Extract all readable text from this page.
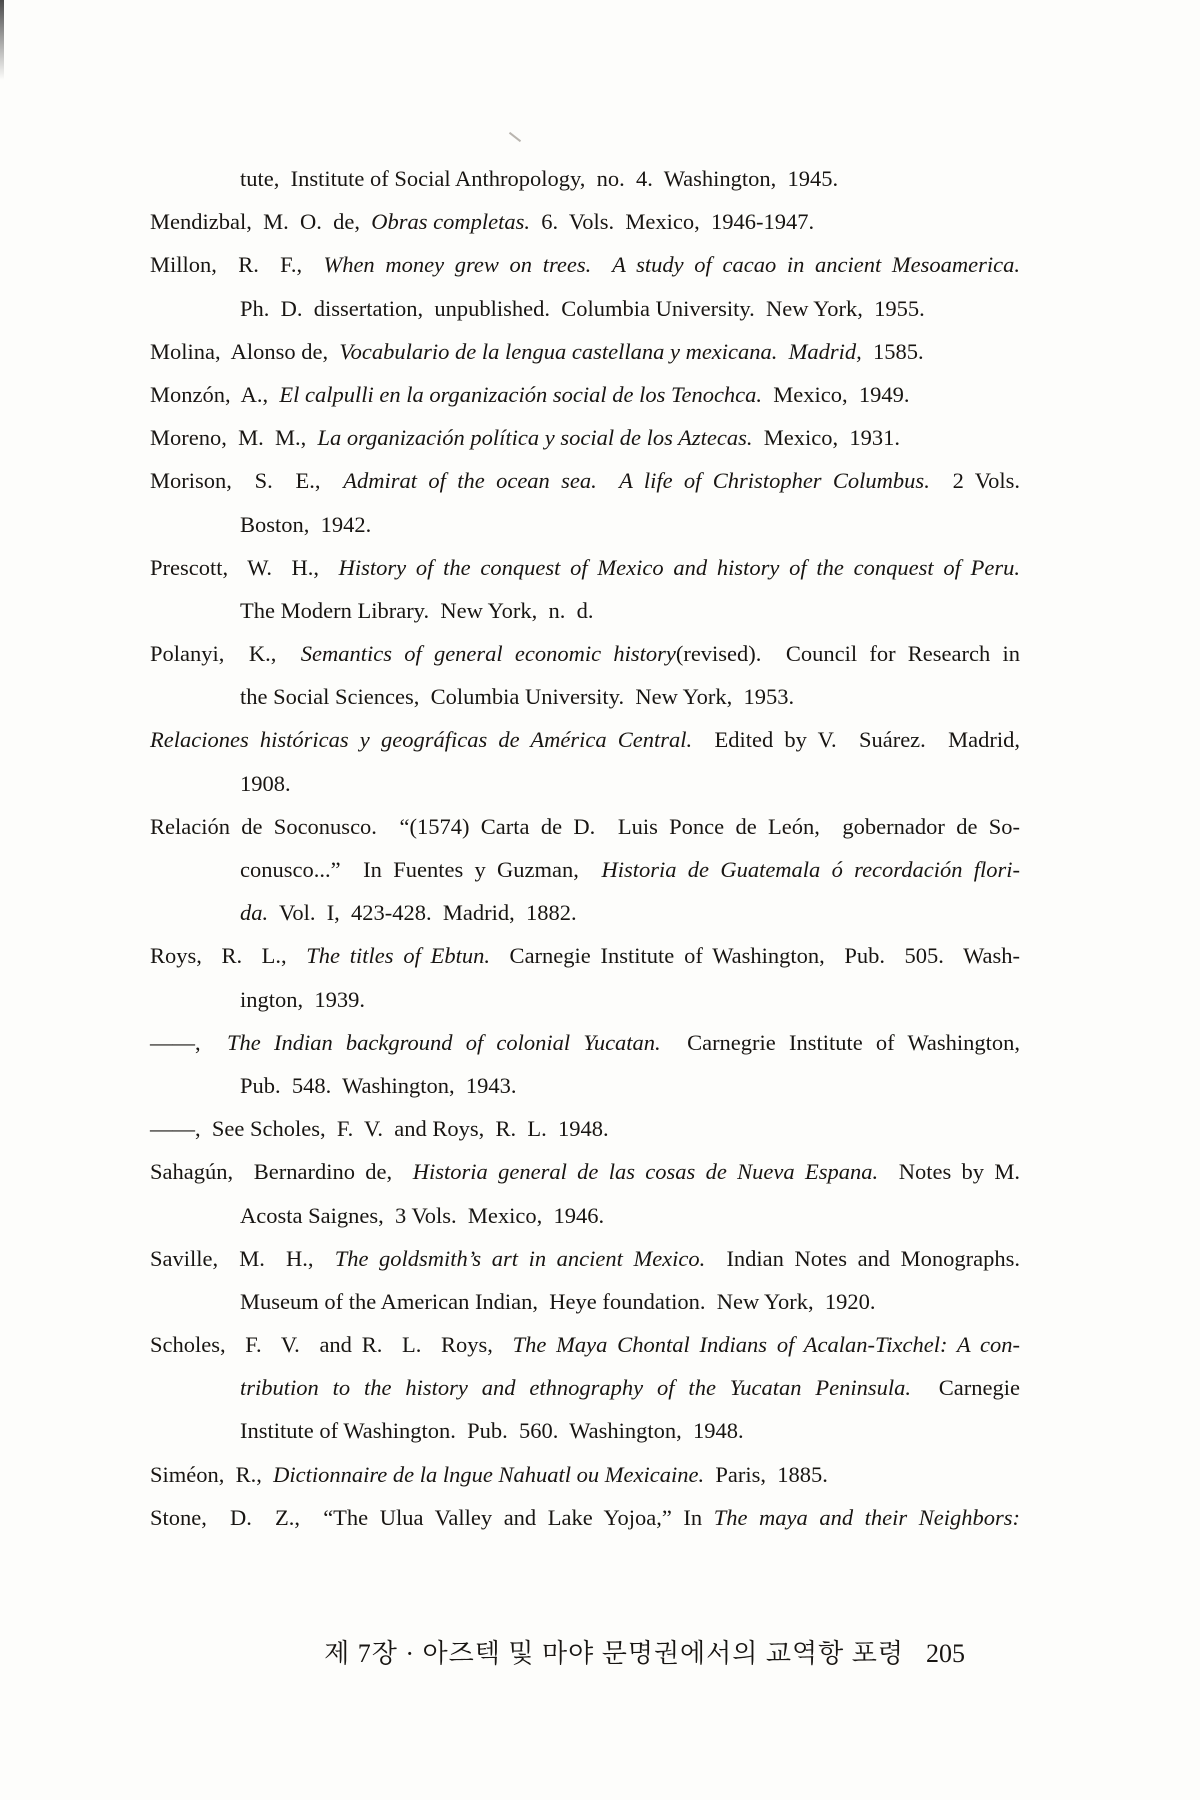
tute,  Institute of Social Anthropology,  no.  4.  Washington,  1945.
Mendizbal,  M.  O.  de,  Obras completas.  6.  Vols.  Mexico,  1946-1947.
Millon,  R.  F.,  When money grew on trees.  A study of cacao in ancient Mesoamerica.
Ph.  D.  dissertation,  unpublished.  Columbia University.  New York,  1955.
Molina,  Alonso de,  Vocabulario de la lengua castellana y mexicana.  Madrid,  1585.
Monzón,  A.,  El calpulli en la organización social de los Tenochca.  Mexico,  1949.
Moreno,  M.  M.,  La organización política y social de los Aztecas.  Mexico,  1931.
Morison,  S.  E.,  Admirat of the ocean sea.  A life of Christopher Columbus.  2 Vols.
Boston,  1942.
Prescott,  W.  H.,  History of the conquest of Mexico and history of the conquest of Peru.
The Modern Library.  New York,  n.  d.
Polanyi,  K.,  Semantics of general economic history(revised).  Council for Research in
the Social Sciences,  Columbia University.  New York,  1953.
Relaciones históricas y geográficas de América Central.  Edited by V.  Suárez.  Madrid,
1908.
Relación de Soconusco.  “(1574) Carta de D.  Luis Ponce de León,  gobernador de So-
conusco...”  In Fuentes y Guzman,  Historia de Guatemala ó recordación flori-
da.  Vol.  I,  423-428.  Madrid,  1882.
Roys,  R.  L.,  The titles of Ebtun.  Carnegie Institute of Washington,  Pub.  505.  Wash-
ington,  1939.
——,  The Indian background of colonial Yucatan.  Carnegrie Institute of Washington,
Pub.  548.  Washington,  1943.
——,  See Scholes,  F.  V.  and Roys,  R.  L.  1948.
Sahagún,  Bernardino de,  Historia general de las cosas de Nueva Espana.  Notes by M.
Acosta Saignes,  3 Vols.  Mexico,  1946.
Saville,  M.  H.,  The goldsmith’s art in ancient Mexico.  Indian Notes and Monographs.
Museum of the American Indian,  Heye foundation.  New York,  1920.
Scholes,  F.  V.  and R.  L.  Roys,  The Maya Chontal Indians of Acalan-Tixchel: A con-
tribution to the history and ethnography of the Yucatan Peninsula.  Carnegie
Institute of Washington.  Pub.  560.  Washington,  1948.
Siméon,  R.,  Dictionnaire de la lngue Nahuatl ou Mexicaine.  Paris,  1885.
Stone,  D.  Z.,  “The Ulua Valley and Lake Yojoa,” In The maya and their Neighbors:

제 7장 · 아즈텍 및 마야 문명권에서의 교역항 포령 205
